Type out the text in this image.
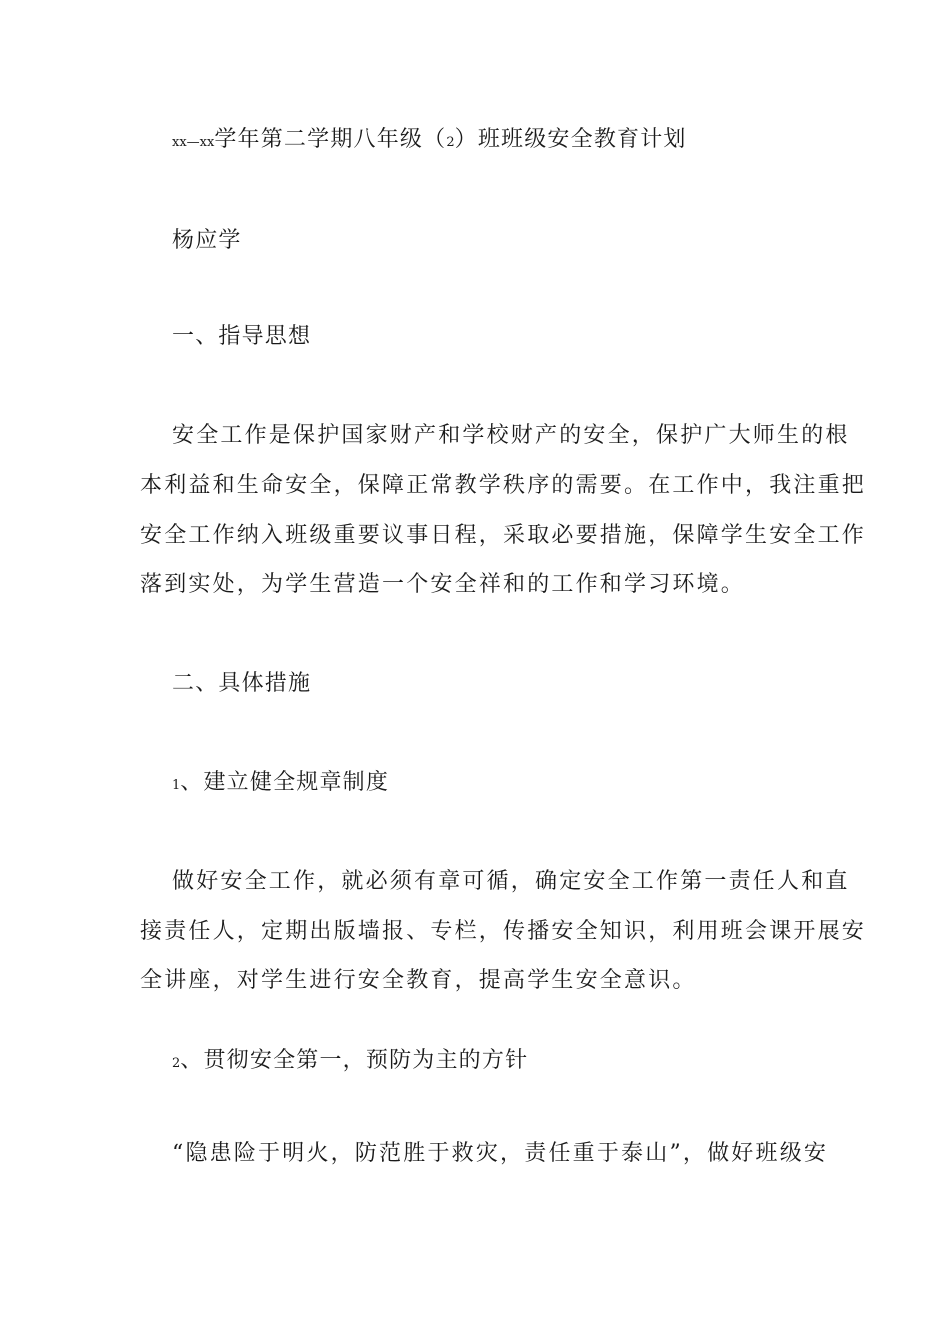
xx—xx学年第二学期八年级（2）班班级安全教育计划
杨应学
一、指导思想
安全工作是保护国家财产和学校财产的安全，保护广大师生的根
本利益和生命安全，保障正常教学秩序的需要。在工作中，我注重把
安全工作纳入班级重要议事日程，采取必要措施，保障学生安全工作
落到实处，为学生营造一个安全祥和的工作和学习环境。
二、具体措施
1、建立健全规章制度
做好安全工作，就必须有章可循，确定安全工作第一责任人和直
接责任人，定期出版墙报、专栏，传播安全知识，利用班会课开展安
全讲座，对学生进行安全教育，提高学生安全意识。
2、贯彻安全第一，预防为主的方针
“隐患险于明火，防范胜于救灾，责任重于泰山”，做好班级安
